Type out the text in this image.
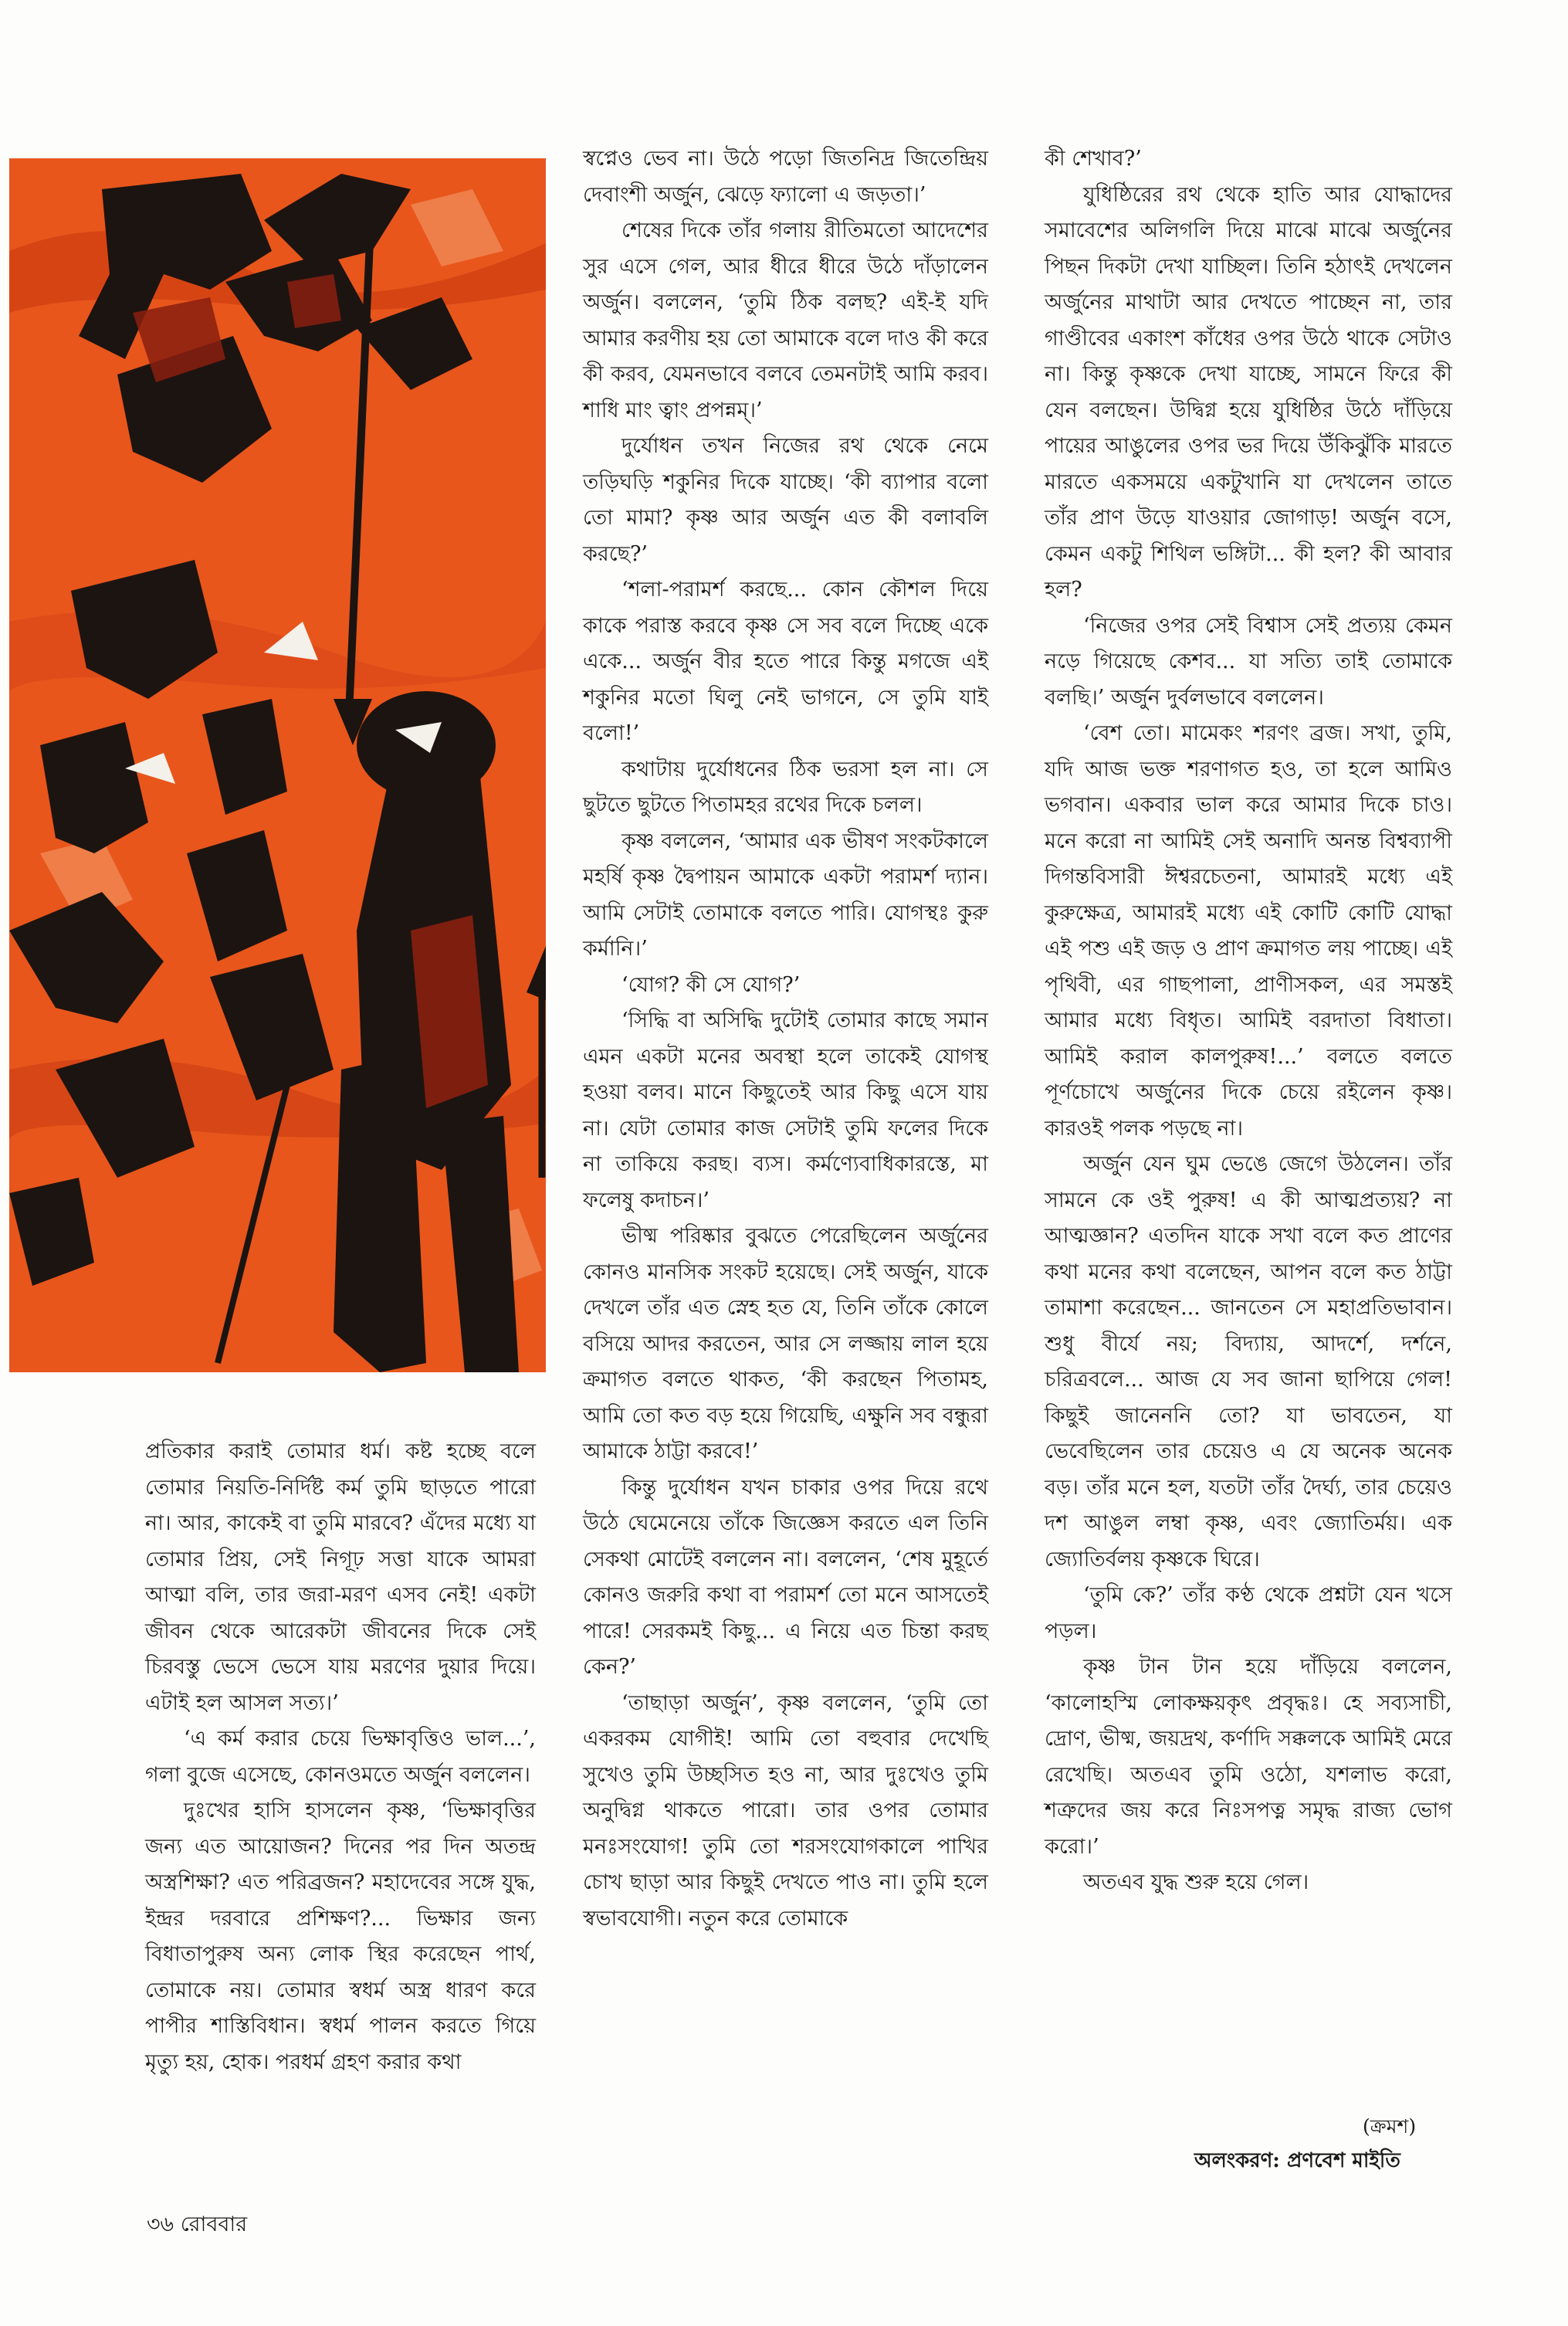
প্রতিকার করাই তোমার ধর্ম। কষ্ট হচ্ছে বলে তোমার নিয়তি-নির্দিষ্ট কর্ম তুমি ছাড়তে পারো না। আর, কাকেই বা তুমি মারবে? এঁদের মধ্যে যা তোমার প্রিয়, সেই নিগূঢ় সত্তা যাকে আমরা আত্মা বলি, তার জরা-মরণ এসব নেই! একটা জীবন থেকে আরেকটা জীবনের দিকে সেই চিরবস্তু ভেসে ভেসে যায় মরণের দুয়ার দিয়ে। এটাই হল আসল সত্য।’

‘এ কর্ম করার চেয়ে ভিক্ষাবৃত্তিও ভাল...’, গলা বুজে এসেছে, কোনওমতে অর্জুন বললেন।

দুঃখের হাসি হাসলেন কৃষ্ণ, ‘ভিক্ষাবৃত্তির জন্য এত আয়োজন? দিনের পর দিন অতন্দ্র অস্ত্রশিক্ষা? এত পরিব্রজন? মহাদেবের সঙ্গে যুদ্ধ, ইন্দ্রর দরবারে প্রশিক্ষণ?... ভিক্ষার জন্য বিধাতাপুরুষ অন্য লোক স্থির করেছেন পার্থ, তোমাকে নয়। তোমার স্বধর্ম অস্ত্র ধারণ করে পাপীর শাস্তিবিধান। স্বধর্ম পালন করতে গিয়ে মৃত্যু হয়, হোক। পরধর্ম গ্রহণ করার কথা

স্বপ্নেও ভেব না। উঠে পড়ো জিতনিদ্র জিতেন্দ্রিয় দেবাংশী অর্জুন, ঝেড়ে ফ্যালো এ জড়তা।’

শেষের দিকে তাঁর গলায় রীতিমতো আদেশের সুর এসে গেল, আর ধীরে ধীরে উঠে দাঁড়ালেন অর্জুন। বললেন, ‘তুমি ঠিক বলছ? এই-ই যদি আমার করণীয় হয় তো আমাকে বলে দাও কী করে কী করব, যেমনভাবে বলবে তেমনটাই আমি করব। শাধি মাং ত্বাং প্রপন্নম্।’

দুর্যোধন তখন নিজের রথ থেকে নেমে তড়িঘড়ি শকুনির দিকে যাচ্ছে। ‘কী ব্যাপার বলো তো মামা? কৃষ্ণ আর অর্জুন এত কী বলাবলি করছে?’

‘শলা-পরামর্শ করছে... কোন কৌশল দিয়ে কাকে পরাস্ত করবে কৃষ্ণ সে সব বলে দিচ্ছে একে একে... অর্জুন বীর হতে পারে কিন্তু মগজে এই শকুনির মতো ঘিলু নেই ভাগনে, সে তুমি যাই বলো!’

কথাটায় দুর্যোধনের ঠিক ভরসা হল না। সে ছুটতে ছুটতে পিতামহর রথের দিকে চলল।

কৃষ্ণ বললেন, ‘আমার এক ভীষণ সংকটকালে মহর্ষি কৃষ্ণ দ্বৈপায়ন আমাকে একটা পরামর্শ দ্যান। আমি সেটাই তোমাকে বলতে পারি। যোগস্থঃ কুরু কর্মানি।’

‘যোগ? কী সে যোগ?’

‘সিদ্ধি বা অসিদ্ধি দুটোই তোমার কাছে সমান এমন একটা মনের অবস্থা হলে তাকেই যোগস্থ হওয়া বলব। মানে কিছুতেই আর কিছু এসে যায় না। যেটা তোমার কাজ সেটাই তুমি ফলের দিকে না তাকিয়ে করছ। ব্যস। কর্মণ্যেবাধিকারস্তে, মা ফলেষু কদাচন।’

ভীষ্ম পরিষ্কার বুঝতে পেরেছিলেন অর্জুনের কোনও মানসিক সংকট হয়েছে। সেই অর্জুন, যাকে দেখলে তাঁর এত স্নেহ হত যে, তিনি তাঁকে কোলে বসিয়ে আদর করতেন, আর সে লজ্জায় লাল হয়ে ক্রমাগত বলতে থাকত, ‘কী করছেন পিতামহ, আমি তো কত বড় হয়ে গিয়েছি, এক্ষুনি সব বন্ধুরা আমাকে ঠাট্টা করবে!’

কিন্তু দুর্যোধন যখন চাকার ওপর দিয়ে রথে উঠে ঘেমেনেয়ে তাঁকে জিজ্ঞেস করতে এল তিনি সেকথা মোটেই বললেন না। বললেন, ‘শেষ মুহূর্তে কোনও জরুরি কথা বা পরামর্শ তো মনে আসতেই পারে! সেরকমই কিছু... এ নিয়ে এত চিন্তা করছ কেন?’

‘তাছাড়া অর্জুন’, কৃষ্ণ বললেন, ‘তুমি তো একরকম যোগীই! আমি তো বহুবার দেখেছি সুখেও তুমি উচ্ছসিত হও না, আর দুঃখেও তুমি অনুদ্বিগ্ন থাকতে পারো। তার ওপর তোমার মনঃসংযোগ! তুমি তো শরসংযোগকালে পাখির চোখ ছাড়া আর কিছুই দেখতে পাও না। তুমি হলে স্বভাবযোগী। নতুন করে তোমাকে

কী শেখাব?’

যুধিষ্ঠিরের রথ থেকে হাতি আর যোদ্ধাদের সমাবেশের অলিগলি দিয়ে মাঝে মাঝে অর্জুনের পিছন দিকটা দেখা যাচ্ছিল। তিনি হঠাৎই দেখলেন অর্জুনের মাথাটা আর দেখতে পাচ্ছেন না, তার গাণ্ডীবের একাংশ কাঁধের ওপর উঠে থাকে সেটাও না। কিন্তু কৃষ্ণকে দেখা যাচ্ছে, সামনে ফিরে কী যেন বলছেন। উদ্বিগ্ন হয়ে যুধিষ্ঠির উঠে দাঁড়িয়ে পায়ের আঙুলের ওপর ভর দিয়ে উঁকিঝুঁকি মারতে মারতে একসময়ে একটুখানি যা দেখলেন তাতে তাঁর প্রাণ উড়ে যাওয়ার জোগাড়! অর্জুন বসে, কেমন একটু শিথিল ভঙ্গিটা... কী হল? কী আবার হল?

‘নিজের ওপর সেই বিশ্বাস সেই প্রত্যয় কেমন নড়ে গিয়েছে কেশব... যা সত্যি তাই তোমাকে বলছি।’ অর্জুন দুর্বলভাবে বললেন।

‘বেশ তো। মামেকং শরণং ব্রজ। সখা, তুমি, যদি আজ ভক্ত শরণাগত হও, তা হলে আমিও ভগবান। একবার ভাল করে আমার দিকে চাও। মনে করো না আমিই সেই অনাদি অনন্ত বিশ্বব্যাপী দিগন্তবিসারী ঈশ্বরচেতনা, আমারই মধ্যে এই কুরুক্ষেত্র, আমারই মধ্যে এই কোটি কোটি যোদ্ধা এই পশু এই জড় ও প্রাণ ক্রমাগত লয় পাচ্ছে। এই পৃথিবী, এর গাছপালা, প্রাণীসকল, এর সমস্তই আমার মধ্যে বিধৃত। আমিই বরদাতা বিধাতা। আমিই করাল কালপুরুষ!...’ বলতে বলতে পূর্ণচোখে অর্জুনের দিকে চেয়ে রইলেন কৃষ্ণ। কারওই পলক পড়ছে না।

অর্জুন যেন ঘুম ভেঙে জেগে উঠলেন। তাঁর সামনে কে ওই পুরুষ! এ কী আত্মপ্রত্যয়? না আত্মজ্ঞান? এতদিন যাকে সখা বলে কত প্রাণের কথা মনের কথা বলেছেন, আপন বলে কত ঠাট্টা তামাশা করেছেন... জানতেন সে মহাপ্রতিভাবান। শুধু বীর্যে নয়; বিদ্যায়, আদর্শে, দর্শনে, চরিত্রবলে... আজ যে সব জানা ছাপিয়ে গেল! কিছুই জানেননি তো? যা ভাবতেন, যা ভেবেছিলেন তার চেয়েও এ যে অনেক অনেক বড়। তাঁর মনে হল, যতটা তাঁর দৈর্ঘ্য, তার চেয়েও দশ আঙুল লম্বা কৃষ্ণ, এবং জ্যোতির্ময়। এক জ্যোতির্বলয় কৃষ্ণকে ঘিরে।

‘তুমি কে?’ তাঁর কণ্ঠ থেকে প্রশ্নটা যেন খসে পড়ল।

কৃষ্ণ টান টান হয়ে দাঁড়িয়ে বললেন, ‘কালোহস্মি লোকক্ষয়কৃৎ প্রবৃদ্ধঃ। হে সব্যসাচী, দ্রোণ, ভীষ্ম, জয়দ্রথ, কর্ণাদি সক্কলকে আমিই মেরে রেখেছি। অতএব তুমি ওঠো, যশলাভ করো, শত্রুদের জয় করে নিঃসপত্ন সমৃদ্ধ রাজ্য ভোগ করো।’

অতএব যুদ্ধ শুরু হয়ে গেল।

(ক্রমশ)
অলংকরণ: প্রণবেশ মাইতি
৩৬ রোববার
